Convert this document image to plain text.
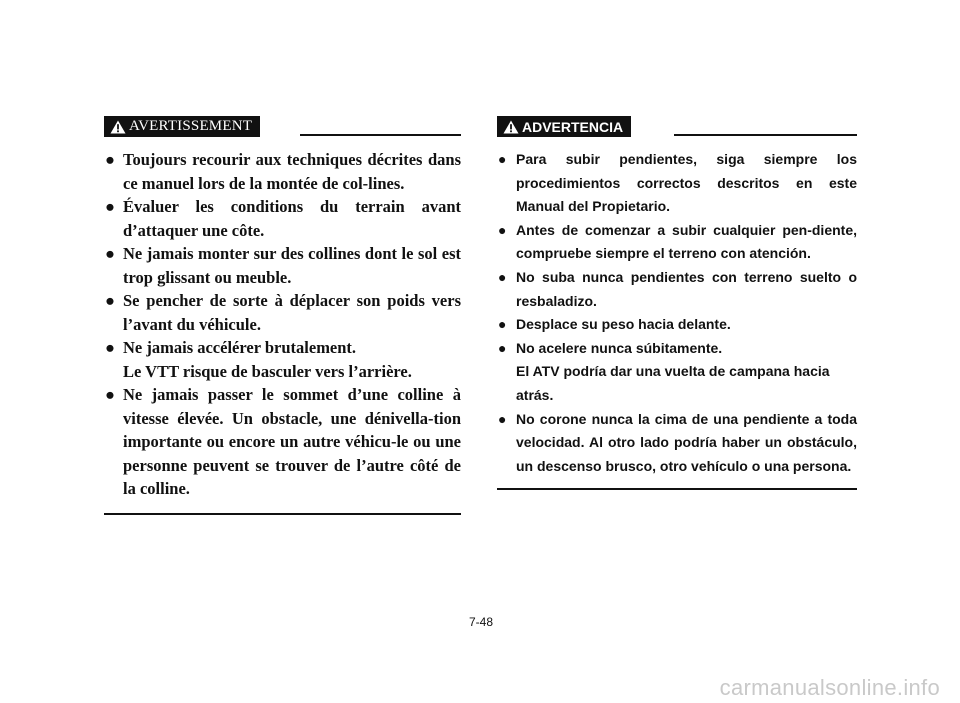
AVERTISSEMENT
● Toujours recourir aux techniques décrites dans ce manuel lors de la montée de col-lines.
● Évaluer les conditions du terrain avant d’attaquer une côte.
● Ne jamais monter sur des collines dont le sol est trop glissant ou meuble.
● Se pencher de sorte à déplacer son poids vers l’avant du véhicule.
● Ne jamais accélérer brutalement.
Le VTT risque de basculer vers l’arrière.
● Ne jamais passer le sommet d’une colline à vitesse élevée. Un obstacle, une dénivella-tion importante ou encore un autre véhicu-le ou une personne peuvent se trouver de l’autre côté de la colline.
ADVERTENCIA
● Para subir pendientes, siga siempre los procedimientos correctos descritos en este Manual del Propietario.
● Antes de comenzar a subir cualquier pen-diente, compruebe siempre el terreno con atención.
● No suba nunca pendientes con terreno suelto o resbaladizo.
● Desplace su peso hacia delante.
● No acelere nunca súbitamente.
El ATV podría dar una vuelta de campana hacia atrás.
● No corone nunca la cima de una pendiente a toda velocidad. Al otro lado podría haber un obstáculo, un descenso brusco, otro vehículo o una persona.
7-48
carmanualsonline.info
